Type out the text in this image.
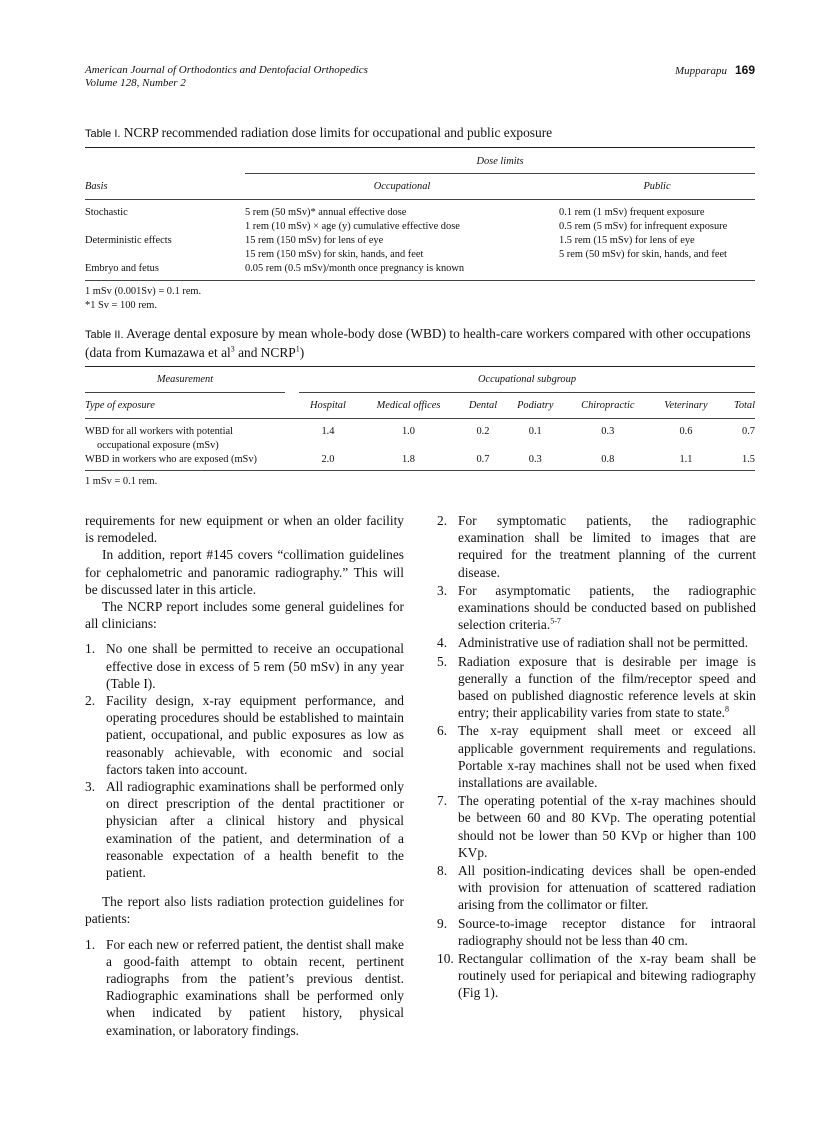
American Journal of Orthodontics and Dentofacial Orthopedics
Volume 128, Number 2
Mupparapu 169
Table I. NCRP recommended radiation dose limits for occupational and public exposure

	Dose limits	

Basis	Occupational	Public

Stochastic	5 rem (50 mSv)* annual effective dose	0.1 rem (1 mSv) frequent exposure
	1 rem (10 mSv) × age (y) cumulative effective dose	0.5 rem (5 mSv) for infrequent exposure
Deterministic effects	15 rem (150 mSv) for lens of eye	1.5 rem (15 mSv) for lens of eye
	15 rem (150 mSv) for skin, hands, and feet	5 rem (50 mSv) for skin, hands, and feet
Embryo and fetus	0.05 rem (0.5 mSv)/month once pregnancy is known	

1 mSv (0.001Sv) = 0.1 rem.
*1 Sv = 100 rem.
Table II. Average dental exposure by mean whole-body dose (WBD) to health-care workers compared with other occupations (data from Kumazawa et $al^3$ and NCRP$^1$)

Measurement		Occupational subgroup						

Type of exposure		Hospital	Medical offices	Dental	Podiatry	Chiropractic	Veterinary	Total

WBD for all workers with potential
occupational exposure (mSv)		1.4	1.0	0.2	0.1	0.3	0.6	0.7

WBD in workers who are exposed (mSv)		2.0	1.8	0.7	0.3	0.8	1.1	1.5

1 mSv = 0.1 rem.

requirements for new equipment or when an older facility is remodeled.

In addition, report #145 covers “collimation guidelines for cephalometric and panoramic radiography.” This will be discussed later in this article.

The NCRP report includes some general guidelines for all clinicians:

1. No one shall be permitted to receive an occupational effective dose in excess of 5 rem (50 mSv) in any year (Table I).
2. Facility design, x-ray equipment performance, and operating procedures should be established to maintain patient, occupational, and public exposures as low as reasonably achievable, with economic and social factors taken into account.
3. All radiographic examinations shall be performed only on direct prescription of the dental practitioner or physician after a clinical history and physical examination of the patient, and determination of a reasonable expectation of a health benefit to the patient.

The report also lists radiation protection guidelines for patients:

1. For each new or referred patient, the dentist shall make a good-faith attempt to obtain recent, pertinent radiographs from the patient’s previous dentist. Radiographic examinations shall be performed only when indicated by patient history, physical examination, or laboratory findings.
2. For symptomatic patients, the radiographic examination shall be limited to images that are required for the treatment planning of the current disease.
3. For asymptomatic patients, the radiographic examinations should be conducted based on published selection criteria.$^{5-7}$
4. Administrative use of radiation shall not be permitted.
5. Radiation exposure that is desirable per image is generally a function of the film/receptor speed and based on published diagnostic reference levels at skin entry; their applicability varies from state to state.$^8$
6. The x-ray equipment shall meet or exceed all applicable government requirements and regulations. Portable x-ray machines shall not be used when fixed installations are available.
7. The operating potential of the x-ray machines should be between 60 and 80 KVp. The operating potential should not be lower than 50 KVp or higher than 100 KVp.
8. All position-indicating devices shall be open-ended with provision for attenuation of scattered radiation arising from the collimator or filter.
9. Source-to-image receptor distance for intraoral radiography should not be less than 40 cm.
10. Rectangular collimation of the x-ray beam shall be routinely used for periapical and bitewing radiography (Fig 1).
